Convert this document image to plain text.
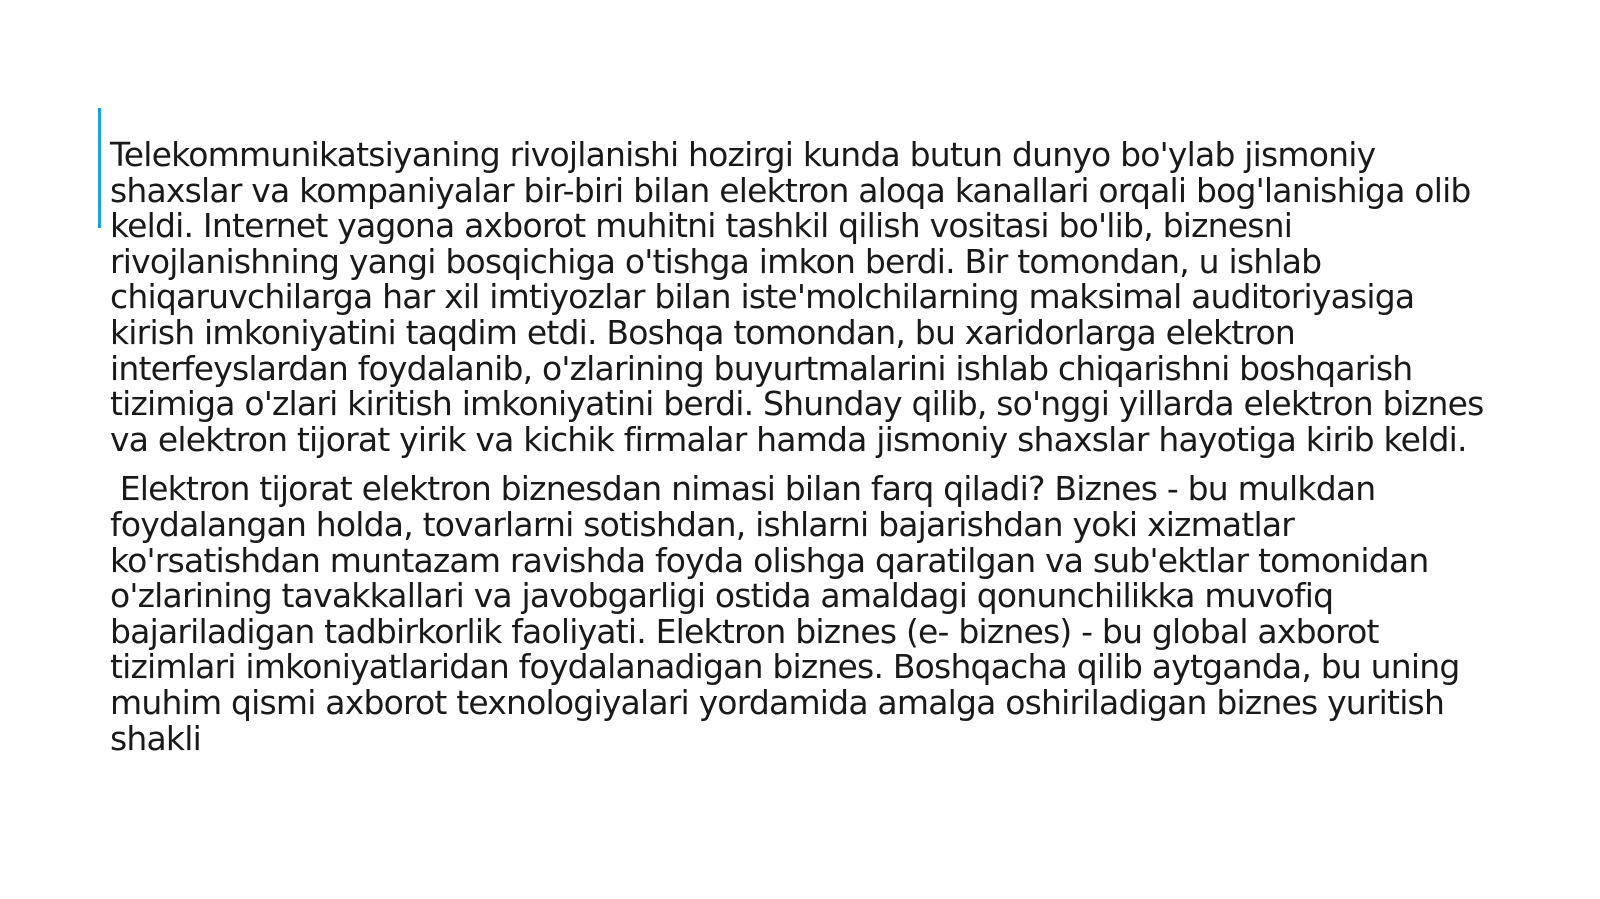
Telekommunikatsiyaning rivojlanishi hozirgi kunda butun dunyo bo'ylab jismoniy shaxslar va kompaniyalar bir-biri bilan elektron aloqa kanallari orqali bog'lanishiga olib keldi. Internet yagona axborot muhitni tashkil qilish vositasi bo'lib, biznesni rivojlanishning yangi bosqichiga o'tishga imkon berdi. Bir tomondan, u ishlab chiqaruvchilarga har xil imtiyozlar bilan iste'molchilarning maksimal auditoriyasiga kirish imkoniyatini taqdim etdi. Boshqa tomondan, bu xaridorlarga elektron interfeyslardan foydalanib, o'zlarining buyurtmalarini ishlab chiqarishni boshqarish tizimiga o'zlari kiritish imkoniyatini berdi. Shunday qilib, so'nggi yillarda elektron biznes va elektron tijorat yirik va kichik firmalar hamda jismoniy shaxslar hayotiga kirib keldi.

Elektron tijorat elektron biznesdan nimasi bilan farq qiladi? Biznes - bu mulkdan foydalangan holda, tovarlarni sotishdan, ishlarni bajarishdan yoki xizmatlar ko'rsatishdan muntazam ravishda foyda olishga qaratilgan va sub'ektlar tomonidan o'zlarining tavakkallari va javobgarligi ostida amaldagi qonunchilikka muvofiq bajariladigan tadbirkorlik faoliyati. Elektron biznes (e- biznes) - bu global axborot tizimlari imkoniyatlaridan foydalanadigan biznes. Boshqacha qilib aytganda, bu uning muhim qismi axborot texnologiyalari yordamida amalga oshiriladigan biznes yuritish shakli
